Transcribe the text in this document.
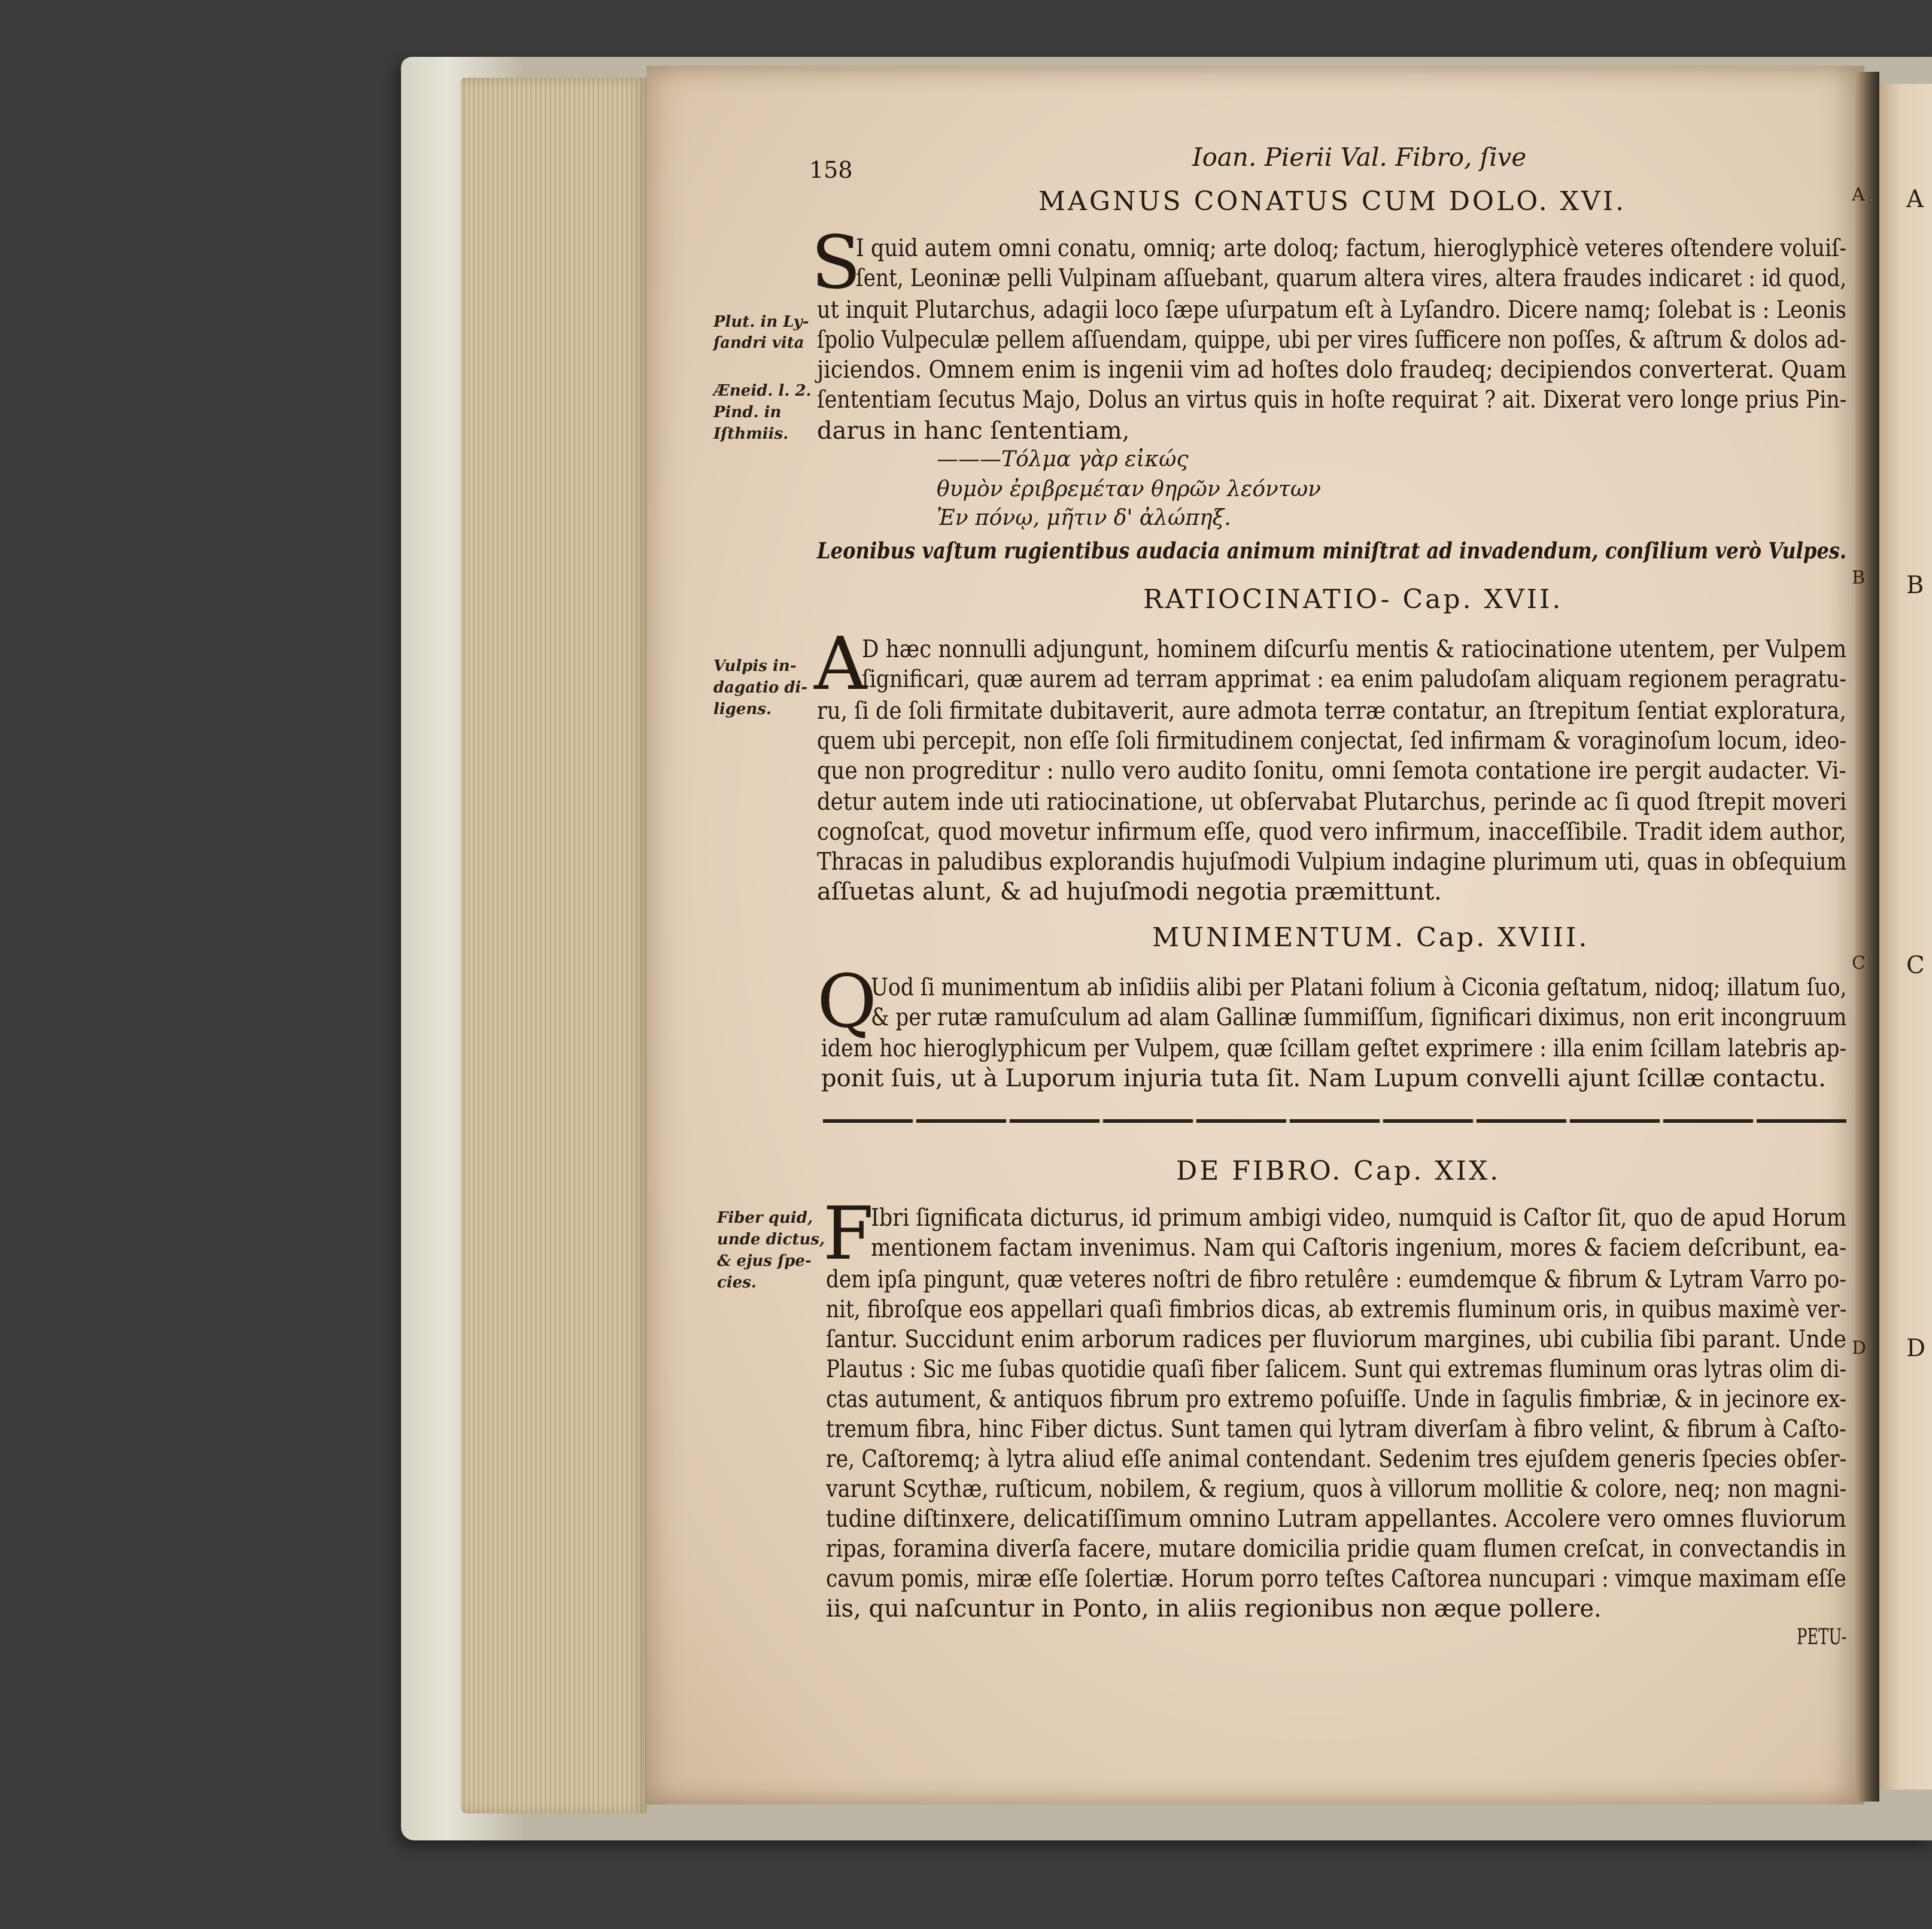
A
B
C
D
158	Ioan. Pierii Val. Fibro, ſive
A
B
C
D
MAGNUS CONATUS CUM DOLO. XVI.
S
I quid autem omni conatu, omniq; arte doloq; factum, hieroglyphicè veteres oſtendere voluiſ-
ſent, Leoninæ pelli Vulpinam aſſuebant, quarum altera vires, altera fraudes indicaret : id quod,
ut inquit Plutarchus, adagii loco ſæpe uſurpatum eſt à Lyſandro. Dicere namq; ſolebat is : Leonis
ſpolio Vulpeculæ pellem aſſuendam, quippe, ubi per vires ſufficere non poſſes, & aſtrum & dolos ad-
jiciendos. Omnem enim is ingenii vim ad hoſtes dolo fraudeq; decipiendos converterat. Quam
ſententiam ſecutus Majo, Dolus an virtus quis in hoſte requirat ? ait. Dixerat vero longe prius Pin-
darus in hanc ſententiam,
———Τόλμα γὰρ εἰκώς
θυμὸν ἐριβρεμέταν θηρῶν λεόντων
Ἐν πόνῳ, μῆτιν δ' ἀλώπηξ.
Leonibus vaſtum rugientibus audacia animum miniſtrat ad invadendum, conſilium verò Vulpes.
Plut. in Ly-
ſandri vita
Æneid. l. 2.
Pind. in
Iſthmiis.
RATIOCINATIO- Cap. XVII.
A
D hæc nonnulli adjungunt, hominem diſcurſu mentis & ratiocinatione utentem, per Vulpem
ſignificari, quæ aurem ad terram apprimat : ea enim paludoſam aliquam regionem peragratu-
ru, ſi de ſoli firmitate dubitaverit, aure admota terræ contatur, an ſtrepitum ſentiat exploratura,
quem ubi percepit, non eſſe ſoli firmitudinem conjectat, ſed infirmam & voraginoſum locum, ideo-
que non progreditur : nullo vero audito ſonitu, omni ſemota contatione ire pergit audacter. Vi-
detur autem inde uti ratiocinatione, ut obſervabat Plutarchus, perinde ac ſi quod ſtrepit moveri
cognoſcat, quod movetur infirmum eſſe, quod vero infirmum, inacceſſibile. Tradit idem author,
Thracas in paludibus explorandis hujuſmodi Vulpium indagine plurimum uti, quas in obſequium
aſſuetas alunt, & ad hujuſmodi negotia præmittunt.
Vulpis in-
dagatio di-
ligens.
MUNIMENTUM. Cap. XVIII.
Q
Uod ſi munimentum ab inſidiis alibi per Platani folium à Ciconia geſtatum, nidoq; illatum ſuo,
& per rutæ ramuſculum ad alam Gallinæ ſummiſſum, ſignificari diximus, non erit incongruum
idem hoc hieroglyphicum per Vulpem, quæ ſcillam geſtet exprimere : illa enim ſcillam latebris ap-
ponit ſuis, ut à Luporum injuria tuta ſit. Nam Lupum convelli ajunt ſcillæ contactu.
DE FIBRO. Cap. XIX.
F
Ibri ſignificata dicturus, id primum ambigi video, numquid is Caſtor ſit, quo de apud Horum
mentionem factam invenimus. Nam qui Caſtoris ingenium, mores & faciem deſcribunt, ea-
dem ipſa pingunt, quæ veteres noſtri de fibro retulêre : eumdemque & fibrum & Lytram Varro po-
nit, fibroſque eos appellari quaſi fimbrios dicas, ab extremis fluminum oris, in quibus maximè ver-
ſantur. Succidunt enim arborum radices per fluviorum margines, ubi cubilia ſibi parant. Unde
Plautus : Sic me ſubas quotidie quaſi fiber ſalicem. Sunt qui extremas fluminum oras lytras olim di-
ctas autument, & antiquos fibrum pro extremo poſuiſſe. Unde in ſagulis fimbriæ, & in jecinore ex-
tremum fibra, hinc Fiber dictus. Sunt tamen qui lytram diverſam à fibro velint, & fibrum à Caſto-
re, Caſtoremq; à lytra aliud eſſe animal contendant. Sedenim tres ejuſdem generis ſpecies obſer-
varunt Scythæ, ruſticum, nobilem, & regium, quos à villorum mollitie & colore, neq; non magni-
tudine diſtinxere, delicatiſſimum omnino Lutram appellantes. Accolere vero omnes fluviorum
ripas, foramina diverſa facere, mutare domicilia pridie quam flumen creſcat, in convectandis in
cavum pomis, miræ eſſe ſolertiæ. Horum porro teſtes Caſtorea nuncupari : vimque maximam eſſe
iis, qui naſcuntur in Ponto, in aliis regionibus non æque pollere.
Fiber quid,
unde dictus,
& ejus ſpe-
cies.
PETU-
